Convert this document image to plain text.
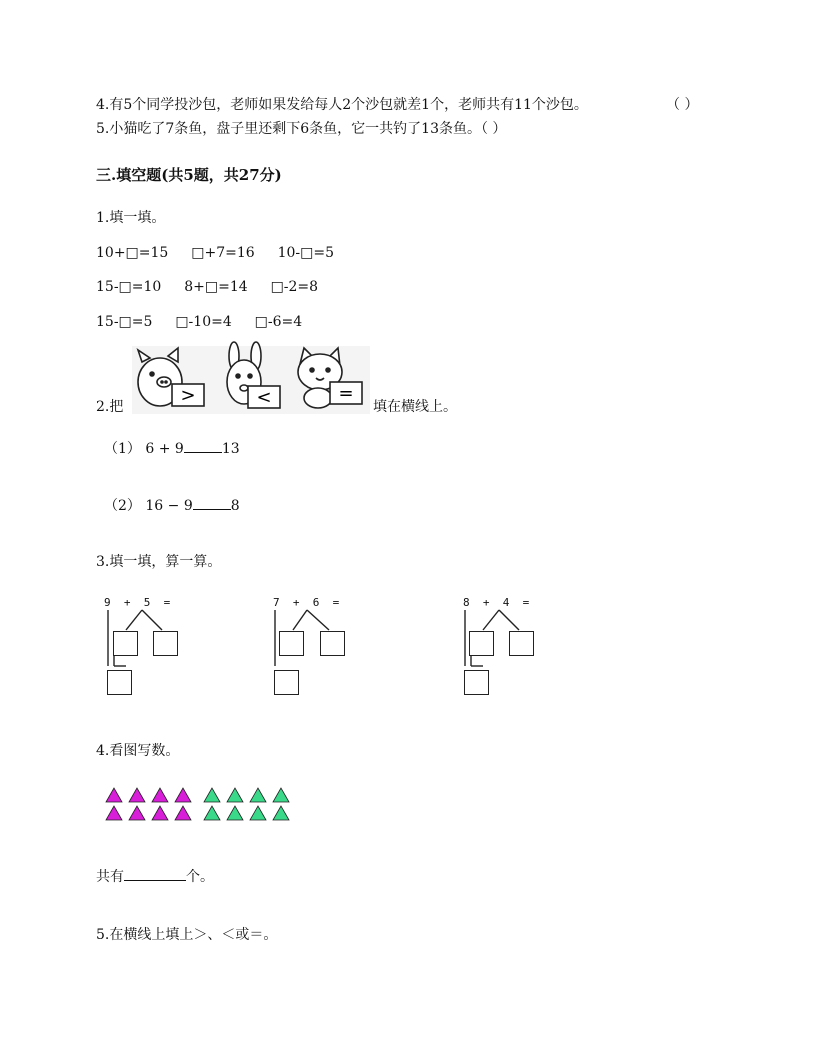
4.有5个同学投沙包，老师如果发给每人2个沙包就差1个，老师共有11个沙包。	（ ）
5.小猫吃了7条鱼，盘子里还剩下6条鱼，它一共钓了13条鱼。（ ）
三.填空题(共5题，共27分)
1.填一填。
10+□=15 □+7=16 10-□=5
15-□=10 8+□=14 □-2=8
15-□=5 □-10=4 □-6=4
2.把
>	<	=
填在横线上。
（1） 6 + 9	13
（2） 16 − 9	8
3.填一填，算一算。
9 + 5 =	7 + 6 =	8 + 4 =
4.看图写数。
共有	个。
5.在横线上填上＞、＜或＝。
